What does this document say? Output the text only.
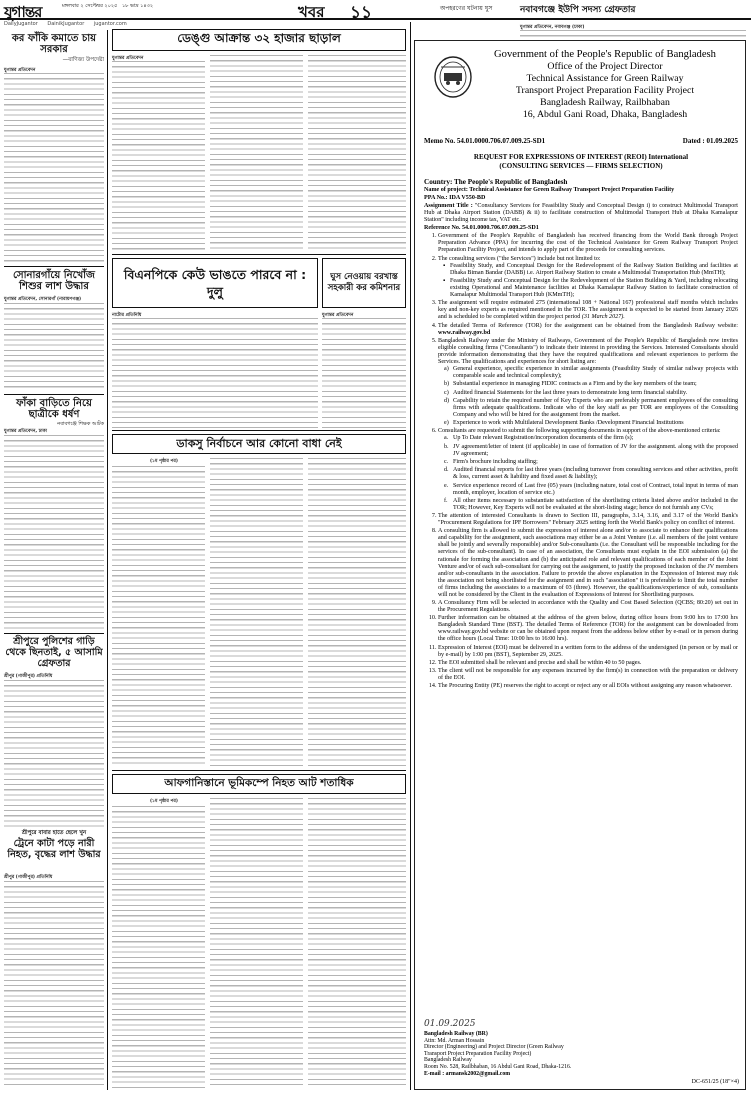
যুগান্তর	মঙ্গলবার ২ সেপ্টেম্বর ২০২৫ ১৮ ভাদ্র ১৪৩২	খবর ১১	অপহরণের ঘটনায় ঘুস	নবাবগঞ্জে ইউপি সদস্য গ্রেফতার
DailyJugantor DainikJugantor jugantor.com
যুগান্তর প্রতিবেদন, নবাবগঞ্জ (ঢাকা)
কর ফাঁকি কমাতে চায় সরকার
—বাণিজ্য উপদেষ্টা
যুগান্তর প্রতিবেদন
সোনারগাঁয়ে নিখোঁজ শিশুর লাশ উদ্ধার
যুগান্তর প্রতিবেদন, সোনারগাঁ (নারায়ণগঞ্জ)
ফাঁকা বাড়িতে নিয়ে ছাত্রীকে ধর্ষণ
নবাবগঞ্জে শিক্ষক আটক
যুগান্তর প্রতিবেদন, ঢাকা
শ্রীপুরে পুলিশের গাড়ি থেকে ছিনতাই, ৫ আসামি গ্রেফতার
শ্রীপুর (গাজীপুর) প্রতিনিধি
শ্রীপুরে বাবার হাতে ছেলে খুন
ট্রেনে কাটা পড়ে নারী নিহত, বৃদ্ধের লাশ উদ্ধার
শ্রীপুর (গাজীপুর) প্রতিনিধি
ডেঙ্গু আক্রান্ত ৩২ হাজার ছাড়াল
যুগান্তর প্রতিবেদন
বিএনপিকে কেউ ভাঙতে পারবে না : দুলু
নাটোর প্রতিনিধি
ঘুস নেওয়ায় বরখাস্ত সহকারী কর কমিশনার
যুগান্তর প্রতিবেদন
ডাকসু নির্বাচনে আর কোনো বাধা নেই
(১ম পৃষ্ঠার পর)
আফগানিস্তানে ভূমিকম্পে নিহত আট শতাধিক
(১ম পৃষ্ঠার পর)
Government of the People's Republic of Bangladesh
Office of the Project Director
Technical Assistance for Green Railway
Transport Project Preparation Facility Project
Bangladesh Railway, Railbhaban
16, Abdul Gani Road, Dhaka, Bangladesh
Memo No. 54.01.0000.706.07.009.25-SD1	Dated : 01.09.2025
REQUEST FOR EXPRESSIONS OF INTEREST (REOI) International
(CONSULTING SERVICES — FIRMS SELECTION)

Country: The People's Republic of Bangladesh

Name of project: Technical Assistance for Green Railway Transport Project Preparation Facility

PPA No.: IDA V550-BD

Assignment Title : "Consultancy Services for Feasibility Study and Conceptual Design i) to construct Multimodal Transport Hub at Dhaka Airport Station (DABB) & ii) to facilitate construction of Multimodal Transport Hub at Dhaka Kamalapur Station" including income tax, VAT etc.

Reference No. 54.01.0000.706.07.009.25-SD1

1. Government of the People's Republic of Bangladesh has received financing from the World Bank through Project Preparation Advance (PPA) for incurring the cost of the Technical Assistance for Green Railway Transport Project Preparation Facility Project, and intends to apply part of the proceeds for consulting services.
2. The consulting services ("the Services") include but not limited to:
▪ Feasibility Study, and Conceptual Design for the Redevelopment of the Railway Station Building and facilities at Dhaka Biman Bandar (DABB) i.e. Airport Railway Station to create a Multimodal Transportation Hub (MmTH);
▪ Feasibility Study and Conceptual Design for the Redevelopment of the Station Building & Yard, including relocating existing Operational and Maintenance facilities at Dhaka Kamalapur Railway Station to facilitate construction of Kamalapur Multimodal Transport Hub (KMmTH);
3. The assignment will require estimated 275 (international 108 + National 167) professional staff months which includes key and non-key experts as required mentioned in the TOR. The assignment is expected to be started from January 2026 and is scheduled to be completed within the project period (31 March 2027).
4. The detailed Terms of Reference (TOR) for the assignment can be obtained from the Bangladesh Railway website: www.railway.gov.bd
5. Bangladesh Railway under the Ministry of Railways, Government of the People's Republic of Bangladesh now invites eligible consulting firms ("Consultants") to indicate their interest in providing the Services. Interested Consultants should provide information demonstrating that they have the required qualifications and relevant experiences to perform the Services. The qualifications and experiences for short listing are:
a) General experience, specific experience in similar assignments (Feasibility Study of similar railway projects with comparable scale and technical complexity);
b) Substantial experience in managing FIDIC contracts as a Firm and by the key members of the team;
c) Audited financial Statements for the last three years to demonstrate long term financial stability.
d) Capability to retain the required number of Key Experts who are preferably permanent employees of the consulting firms with adequate qualifications. Indicate who of the key staff as per TOR are employees of the Consulting Company and who will be hired for the assignment from the market.
e) Experience to work with Multilateral Development Banks /Development Financial Institutions
6. Consultants are requested to submit the following supporting documents in support of the above-mentioned criteria:
a. Up To Date relevant Registration/incorporation documents of the firm (s);
b. JV agreement/letter of intent (if applicable) in case of formation of JV for the assignment. along with the proposed JV agreement;
c. Firm's brochure including staffing;
d. Audited financial reports for last three years (including turnover from consulting services and other activities, profit & loss, current asset & liability and fixed asset & liability);
e. Service experience record of Last five (05) years (including nature, total cost of Contract, total input in terms of man month, employer, location of service etc.)
f. All other items necessary to substantiate satisfaction of the shortlisting criteria listed above and/or included in the TOR; However, Key Experts will not be evaluated at the short-listing stage; hence do not furnish any CVs;
7. The attention of interested Consultants is drawn to Section III, paragraphs, 3.14, 3.16, and 3.17 of the World Bank's "Procurement Regulations for IPF Borrowers" February 2025 setting forth the World Bank's policy on conflict of interest.
8. A consulting firm is allowed to submit the expression of interest alone and/or to associate to enhance their qualifications and capability for the assignment, such associations may either be as a Joint Venture (i.e. all members of the joint venture shall be jointly and severally responsible) and/or Sub-consultants (i.e. the Consultant will be responsible including for the services of the sub-consultant). In case of an association, the Consultants must explain in the EOI submission (a) the rationale for forming the association and (b) the anticipated role and relevant qualifications of each member of the Joint Venture and/or of each sub-consultant for carrying out the assignment, to justify the proposed inclusion of the JV members and/or sub-consultants in the association. Failure to provide the above explanation in the Expression of Interest may risk the association not being shortlisted for the assignment and in such "association" it is preferable to limit the total number of firms including the associates to a maximum of 03 (three). However, the qualifications/experience of sub, consultants will not be considered by the Client in the evaluation of Expressions of Interest for Shortlisting purposes.
9. A Consultancy Firm will be selected in accordance with the Quality and Cost Based Selection (QCBS; 80:20) set out in the Procurement Regulations.
10. Further information can be obtained at the address of the given below, during office hours from 9:00 hrs to 17:00 hrs Bangladesh Standard Time (BST). The detailed Terms of Reference (TOR) for the assignment can be downloaded from www.railway.gov.bd website or can be obtained upon request from the address below either by e-mail or in person during the office hours (Local Time: 10:00 hrs to 16:00 hrs).
11. Expression of Interest (EOI) must be delivered in a written form to the address of the undersigned (in person or by mail or by e-mail) by 1:00 pm (BST), September 29, 2025.
12. The EOI submitted shall be relevant and precise and shall be within 40 to 50 pages.
13. The client will not be responsible for any expenses incurred by the firm(s) in connection with the preparation or delivery of the EOI.
14. The Procuring Entity (PE) reserves the right to accept or reject any or all EOIs without assigning any reason whatsoever.
01.09.2025
Bangladesh Railway (BR)
Attn: Md. Arman Hossain
Director (Engineering) and Project Director (Green Railway
Transport Project Preparation Facility Project)
Bangladesh Railway
Room No. 528, Railbhaban, 16 Abdul Gani Road, Dhaka-1216.
E-mail : armansk2002@gmail.com
DC-651/25 (18"×4)
